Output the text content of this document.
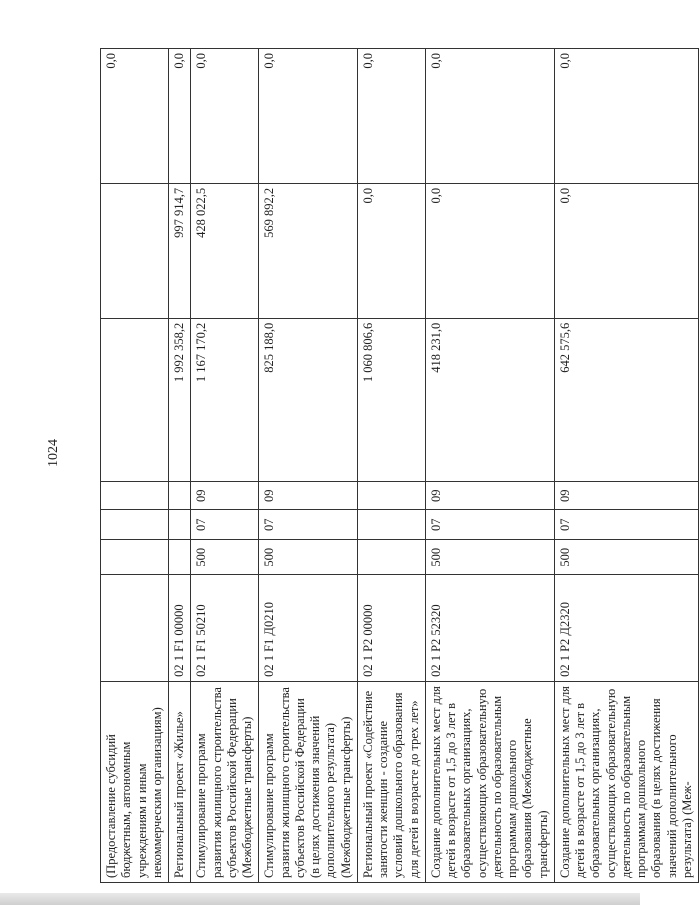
1024
(Предоставление субсидий бюджетным, автономным учреждениям и иным некоммерческим организациям)							0,0
Региональный проект «Жилье»	02 1 F1 00000				1 992 358,2	997 914,7	0,0
Стимулирование программ развития жилищного строительства субъектов Российской Федерации (Межбюджетные трансферты)	02 1 F1 50210	500	07	09	1 167 170,2	428 022,5	0,0
Стимулирование программ развития жилищного строительства субъектов Российской Федерации (в целях достижения значений дополнительного результата) (Межбюджетные трансферты)	02 1 F1 Д0210	500	07	09	825 188,0	569 892,2	0,0
Региональный проект «Содействие занятости женщин - создание условий дошкольного образования для детей в возрасте до трех лет»	02 1 P2 00000				1 060 806,6	0,0	0,0
Создание дополнительных мест для детей в возрасте от 1,5 до 3 лет в образовательных организациях, осуществляющих образовательную деятельность по образовательным программам дошкольного образования (Межбюджетные трансферты)	02 1 P2 52320	500	07	09	418 231,0	0,0	0,0
Создание дополнительных мест для детей в возрасте от 1,5 до 3 лет в образовательных организациях, осуществляющих образовательную деятельность по образовательным программам дошкольного образования (в целях достижения значений дополнительного результата) (Меж-	02 1 P2 Д2320	500	07	09	642 575,6	0,0	0,0
